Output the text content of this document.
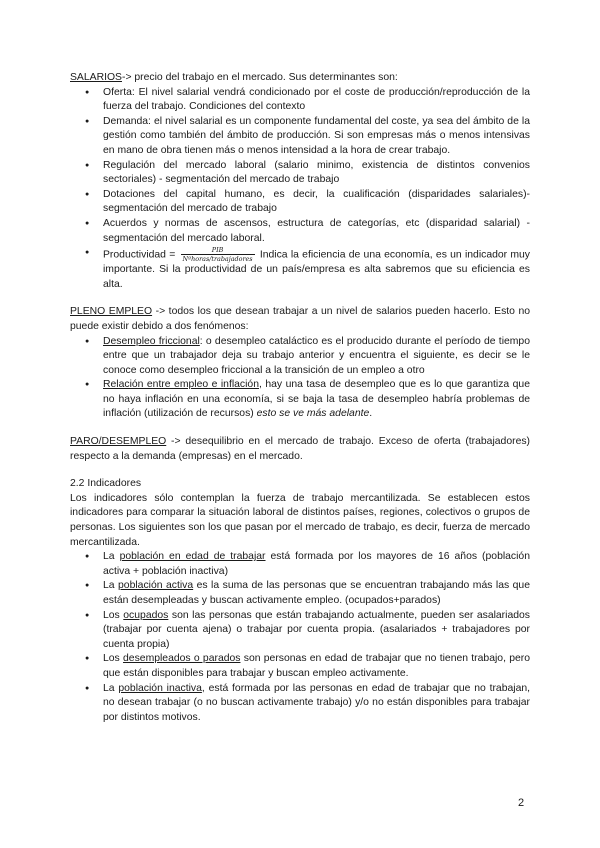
SALARIOS-> precio del trabajo en el mercado. Sus determinantes son:

● Oferta: El nivel salarial vendrá condicionado por el coste de producción/reproducción de la fuerza del trabajo. Condiciones del contexto
● Demanda: el nivel salarial es un componente fundamental del coste, ya sea del ámbito de la gestión como también del ámbito de producción. Si son empresas más o menos intensivas en mano de obra tienen más o menos intensidad a la hora de crear trabajo.
● Regulación del mercado laboral (salario minimo, existencia de distintos convenios sectoriales) - segmentación del mercado de trabajo
● Dotaciones del capital humano, es decir, la cualificación (disparidades salariales)- segmentación del mercado de trabajo
● Acuerdos y normas de ascensos, estructura de categorías, etc (disparidad salarial) - segmentación del mercado laboral.
● Productividad = $\frac{\text{PIB}}{\text{Nºhoras/trabajadores}}$ Indica la eficiencia de una economía, es un indicador muy importante. Si la productividad de un país/empresa es alta sabremos que su eficiencia es alta.

PLENO EMPLEO -> todos los que desean trabajar a un nivel de salarios pueden hacerlo. Esto no puede existir debido a dos fenómenos:

● Desempleo friccional: o desempleo cataláctico es el producido durante el período de tiempo entre que un trabajador deja su trabajo anterior y encuentra el siguiente, es decir se le conoce como desempleo friccional a la transición de un empleo a otro
● Relación entre empleo e inflación, hay una tasa de desempleo que es lo que garantiza que no haya inflación en una economía, si se baja la tasa de desempleo habría problemas de inflación (utilización de recursos) esto se ve más adelante.

PARO/DESEMPLEO -> desequilibrio en el mercado de trabajo. Exceso de oferta (trabajadores) respecto a la demanda (empresas) en el mercado.

2.2 Indicadores

Los indicadores sólo contemplan la fuerza de trabajo mercantilizada. Se establecen estos indicadores para comparar la situación laboral de distintos países, regiones, colectivos o grupos de personas. Los siguientes son los que pasan por el mercado de trabajo, es decir, fuerza de mercado mercantilizada.

● La población en edad de trabajar está formada por los mayores de 16 años (población activa + población inactiva)
● La población activa es la suma de las personas que se encuentran trabajando más las que están desempleadas y buscan activamente empleo. (ocupados+parados)
● Los ocupados son las personas que están trabajando actualmente, pueden ser asalariados (trabajar por cuenta ajena) o trabajar por cuenta propia. (asalariados + trabajadores por cuenta propia)
● Los desempleados o parados son personas en edad de trabajar que no tienen trabajo, pero que están disponibles para trabajar y buscan empleo activamente.
● La población inactiva, está formada por las personas en edad de trabajar que no trabajan, no desean trabajar (o no buscan activamente trabajo) y/o no están disponibles para trabajar por distintos motivos.
2
